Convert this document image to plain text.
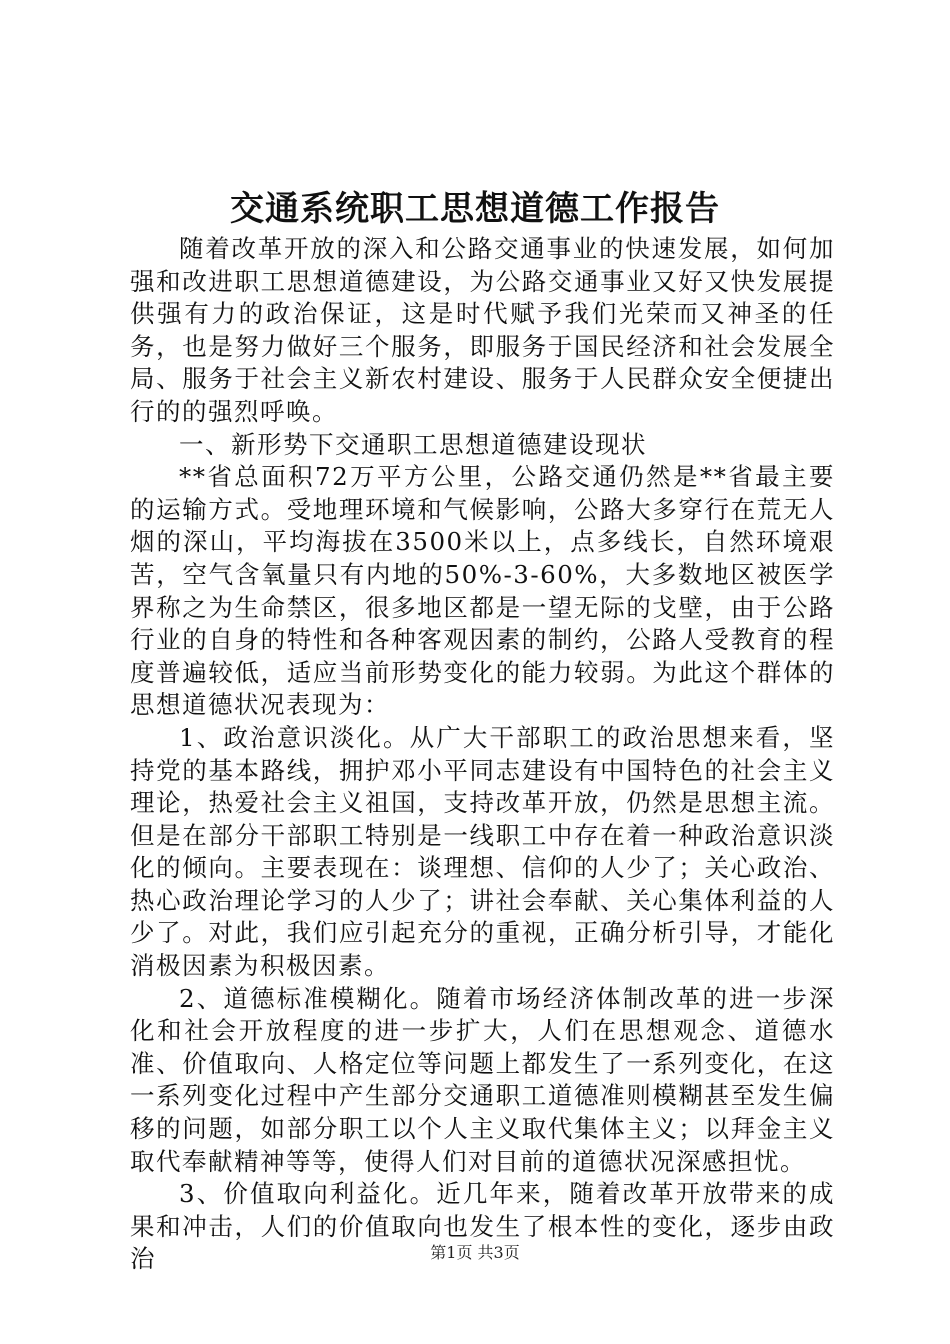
交通系统职工思想道德工作报告

随着改革开放的深入和公路交通事业的快速发展，如何加强和改进职工思想道德建设，为公路交通事业又好又快发展提供强有力的政治保证，这是时代赋予我们光荣而又神圣的任务，也是努力做好三个服务，即服务于国民经济和社会发展全局、服务于社会主义新农村建设、服务于人民群众安全便捷出行的的强烈呼唤。

一、新形势下交通职工思想道德建设现状

**省总面积72万平方公里，公路交通仍然是**省最主要的运输方式。受地理环境和气候影响，公路大多穿行在荒无人烟的深山，平均海拔在3500米以上，点多线长，自然环境艰苦，空气含氧量只有内地的50%-3-60%，大多数地区被医学界称之为生命禁区，很多地区都是一望无际的戈壁，由于公路行业的自身的特性和各种客观因素的制约，公路人受教育的程度普遍较低，适应当前形势变化的能力较弱。为此这个群体的思想道德状况表现为：

1、政治意识淡化。从广大干部职工的政治思想来看，坚持党的基本路线，拥护邓小平同志建设有中国特色的社会主义理论，热爱社会主义祖国，支持改革开放，仍然是思想主流。但是在部分干部职工特别是一线职工中存在着一种政治意识淡化的倾向。主要表现在：谈理想、信仰的人少了；关心政治、热心政治理论学习的人少了；讲社会奉献、关心集体利益的人少了。对此，我们应引起充分的重视，正确分析引导，才能化消极因素为积极因素。

2、道德标准模糊化。随着市场经济体制改革的进一步深化和社会开放程度的进一步扩大，人们在思想观念、道德水准、价值取向、人格定位等问题上都发生了一系列变化，在这一系列变化过程中产生部分交通职工道德准则模糊甚至发生偏移的问题，如部分职工以个人主义取代集体主义；以拜金主义取代奉献精神等等，使得人们对目前的道德状况深感担忧。

3、价值取向利益化。近几年来，随着改革开放带来的成果和冲击，人们的价值取向也发生了根本性的变化，逐步由政治	第1页 共3页
